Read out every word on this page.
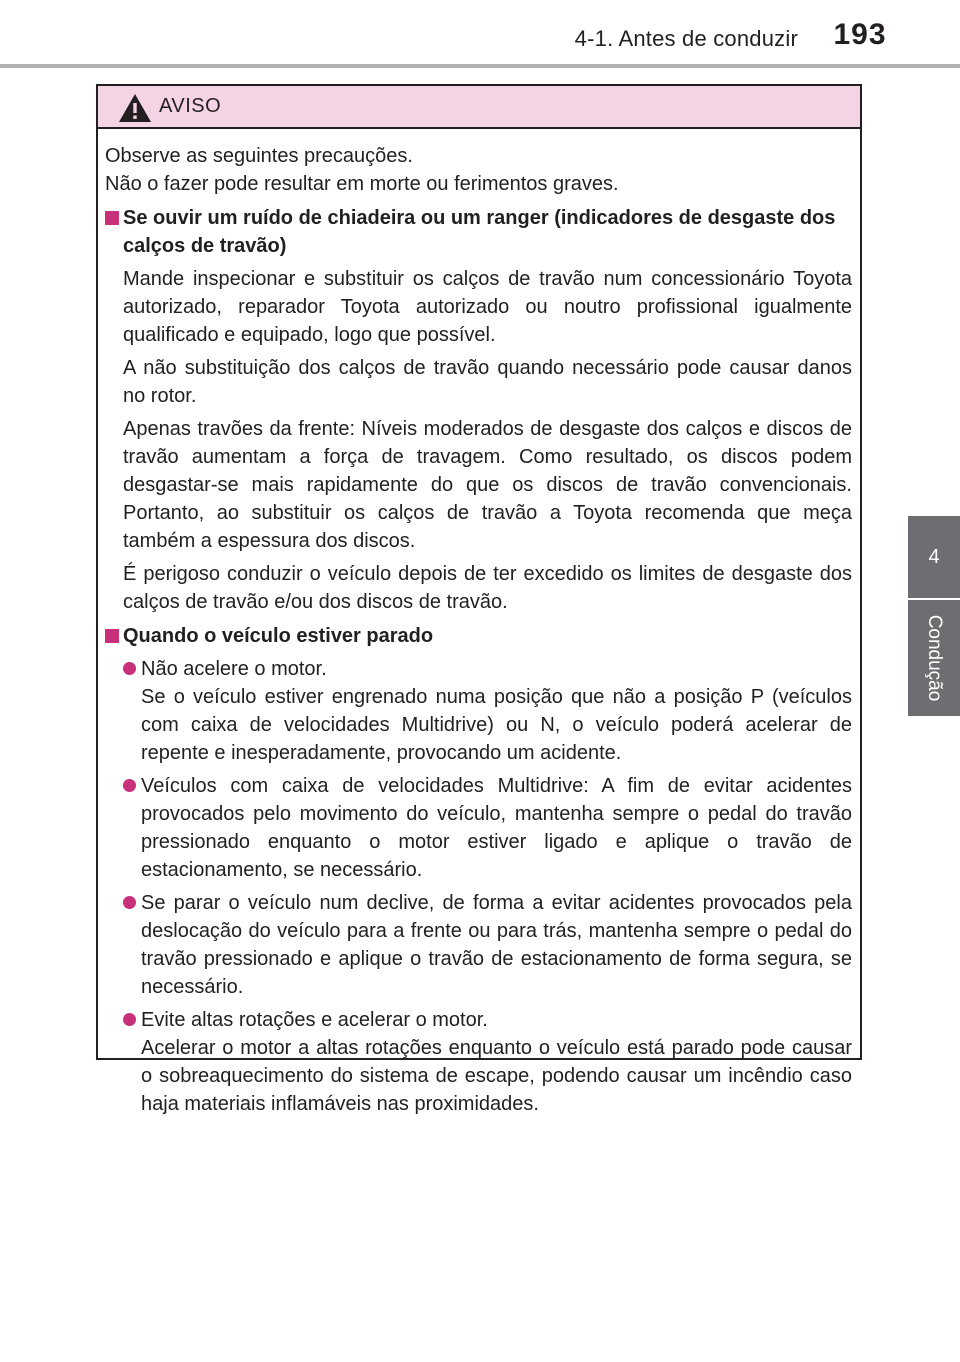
4-1. Antes de conduzir	193
4
Condução
AVISO

Observe as seguintes precauções.

Não o fazer pode resultar em morte ou ferimentos graves.

Se ouvir um ruído de chiadeira ou um ranger (indicadores de desgaste dos calços de travão)

Mande inspecionar e substituir os calços de travão num concessionário Toyota autorizado, reparador Toyota autorizado ou noutro profissional igualmente qualificado e equipado, logo que possível.

A não substituição dos calços de travão quando necessário pode causar danos no rotor.

Apenas travões da frente: Níveis moderados de desgaste dos calços e discos de travão aumentam a força de travagem. Como resultado, os discos podem desgastar-se mais rapidamente do que os discos de travão convencionais. Portanto, ao substituir os calços de travão a Toyota recomenda que meça também a espessura dos discos.

É perigoso conduzir o veículo depois de ter excedido os limites de desgaste dos calços de travão e/ou dos discos de travão.

Quando o veículo estiver parado

Não acelere o motor.

Se o veículo estiver engrenado numa posição que não a posição P (veículos com caixa de velocidades Multidrive) ou N, o veículo poderá acelerar de repente e inesperadamente, provocando um acidente.

Veículos com caixa de velocidades Multidrive: A fim de evitar acidentes provocados pelo movimento do veículo, mantenha sempre o pedal do travão pressionado enquanto o motor estiver ligado e aplique o travão de estacionamento, se necessário.

Se parar o veículo num declive, de forma a evitar acidentes provocados pela deslocação do veículo para a frente ou para trás, mantenha sempre o pedal do travão pressionado e aplique o travão de estacionamento de forma segura, se necessário.

Evite altas rotações e acelerar o motor.

Acelerar o motor a altas rotações enquanto o veículo está parado pode causar o sobreaquecimento do sistema de escape, podendo causar um incêndio caso haja materiais inflamáveis nas proximidades.
